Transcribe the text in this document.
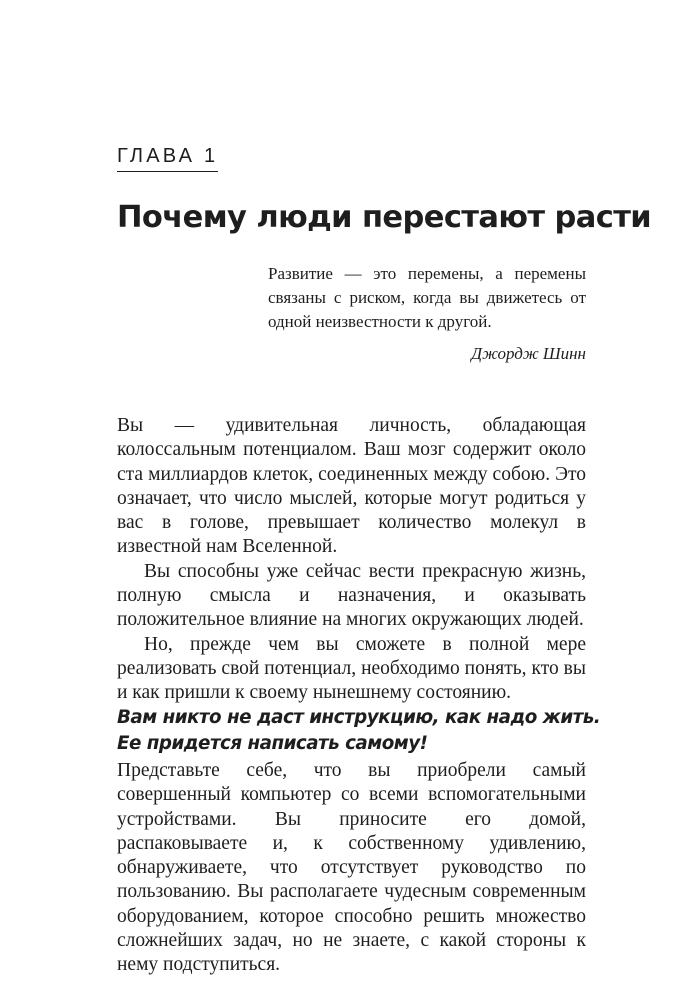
ГЛАВА 1
Почему люди перестают расти

Развитие — это перемены, а перемены связаны с риском, когда вы движетесь от одной неизвестности к другой.

Джордж Шинн

Вы — удивительная личность, обладающая колоссальным потенциалом. Ваш мозг содержит около ста миллиардов клеток, соединенных между собою. Это означает, что число мыслей, которые могут родиться у вас в голове, превышает количество молекул в известной нам Вселенной.

Вы способны уже сейчас вести прекрасную жизнь, полную смысла и назначения, и оказывать положительное влияние на многих окружающих людей.

Но, прежде чем вы сможете в полной мере реализовать свой потенциал, необходимо понять, кто вы и как пришли к своему нынешнему состоянию.

Вам никто не даст инструкцию, как надо жить.
Ее придется написать самому!

Представьте себе, что вы приобрели самый совершенный компьютер со всеми вспомогательными устройствами. Вы приносите его домой, распаковываете и, к собственному удивлению, обнаруживаете, что отсутствует руководство по пользованию. Вы располагаете чудесным современным оборудованием, которое способно решить множество сложнейших задач, но не знаете, с какой стороны к нему подступиться.
